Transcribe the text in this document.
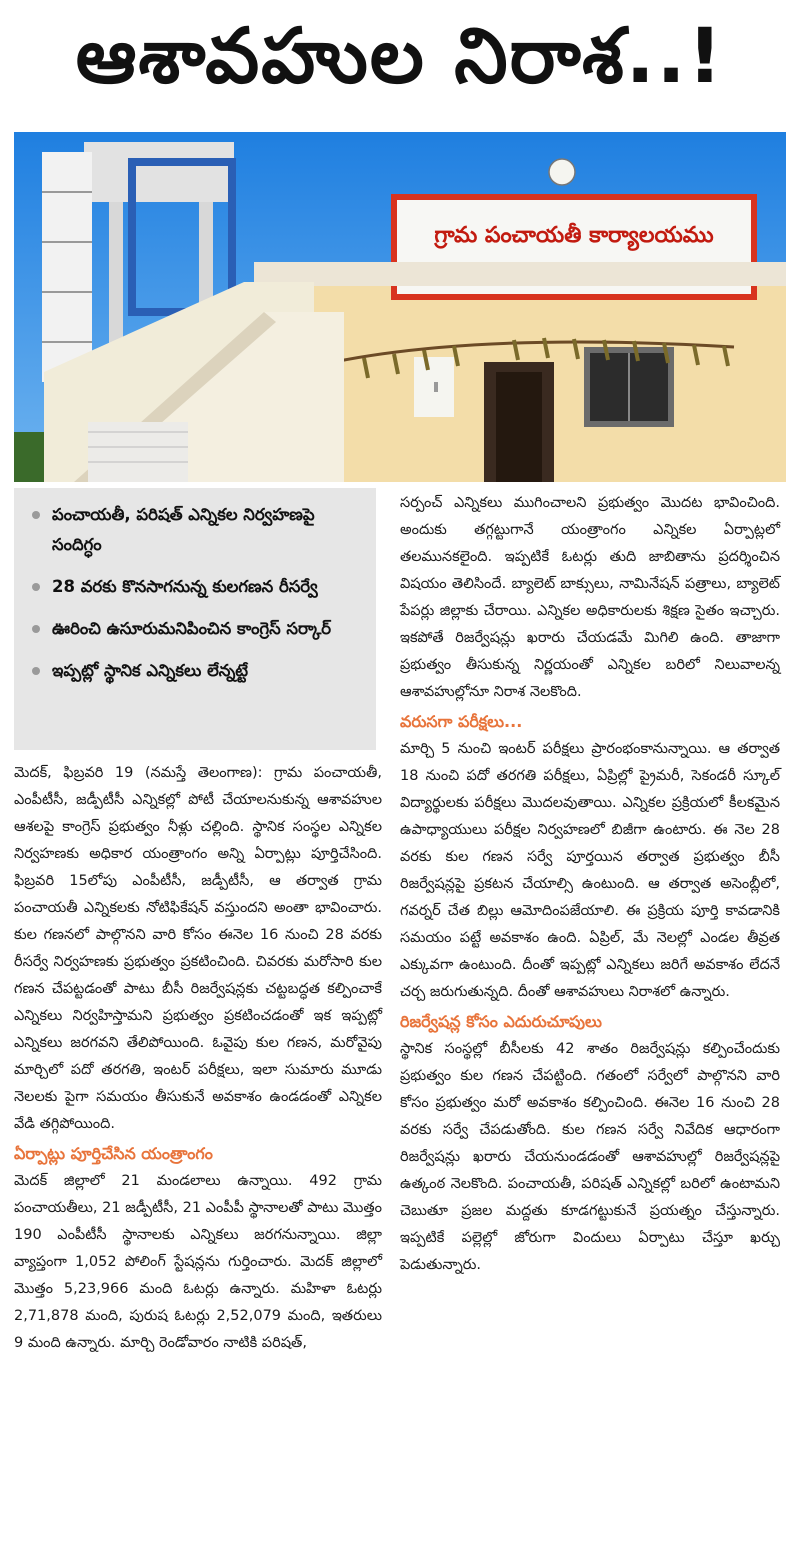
ఆశావహుల నిరాశ..!
గ్రామ పంచాయతీ కార్యాలయము
పంచాయతీ, పరిషత్ ఎన్నికల నిర్వహణపై సందిగ్ధం
28 వరకు కొనసాగనున్న కులగణన రీసర్వే
ఊరించి ఉసూరుమనిపించిన కాంగ్రెస్ సర్కార్
ఇప్పట్లో స్థానిక ఎన్నికలు లేన్నట్టే

మెదక్, ఫిబ్రవరి 19 (నమస్తే తెలంగాణ): గ్రామ పంచాయతీ, ఎంపీటీసీ, జడ్పీటీసీ ఎన్నికల్లో పోటీ చేయాలనుకున్న ఆశావహుల ఆశలపై కాంగ్రెస్ ప్రభుత్వం నీళ్లు చల్లింది. స్థానిక సంస్థల ఎన్నికల నిర్వహణకు అధికార యంత్రాంగం అన్ని ఏర్పాట్లు పూర్తిచేసింది. ఫిబ్రవరి 15లోపు ఎంపీటీసీ, జడ్పీటీసీ, ఆ తర్వాత గ్రామ పంచాయతీ ఎన్నికలకు నోటిఫికేషన్ వస్తుందని అంతా భావించారు. కుల గణనలో పాల్గొనని వారి కోసం ఈనెల 16 నుంచి 28 వరకు రీసర్వే నిర్వహణకు ప్రభుత్వం ప్రకటించింది. చివరకు మరోసారి కుల గణన చేపట్టడంతో పాటు బీసీ రిజర్వేషన్లకు చట్టబద్ధత కల్పించాకే ఎన్నికలు నిర్వహిస్తామని ప్రభుత్వం ప్రకటించడంతో ఇక ఇప్పట్లో ఎన్నికలు జరగవని తేలిపోయింది. ఓవైపు కుల గణన, మరోవైపు మార్చిలో పదో తరగతి, ఇంటర్ పరీక్షలు, ఇలా సుమారు మూడు నెలలకు పైగా సమయం తీసుకునే అవకాశం ఉండడంతో ఎన్నికల వేడి తగ్గిపోయింది.

ఏర్పాట్లు పూర్తిచేసిన యంత్రాంగం

మెదక్ జిల్లాలో 21 మండలాలు ఉన్నాయి. 492 గ్రామ పంచాయతీలు, 21 జడ్పీటీసీ, 21 ఎంపీపీ స్థానాలతో పాటు మొత్తం 190 ఎంపీటీసీ స్థానాలకు ఎన్నికలు జరగనున్నాయి. జిల్లా వ్యాప్తంగా 1,052 పోలింగ్ స్టేషన్లను గుర్తించారు. మెదక్ జిల్లాలో మొత్తం 5,23,966 మంది ఓటర్లు ఉన్నారు. మహిళా ఓటర్లు 2,71,878 మంది, పురుష ఓటర్లు 2,52,079 మంది, ఇతరులు 9 మంది ఉన్నారు. మార్చి రెండోవారం నాటికి పరిషత్,

సర్పంచ్ ఎన్నికలు ముగించాలని ప్రభుత్వం మొదట భావించింది. అందుకు తగ్గట్టుగానే యంత్రాంగం ఎన్నికల ఏర్పాట్లలో తలమునకలైంది. ఇప్పటికే ఓటర్లు తుది జాబితాను ప్రదర్శించిన విషయం తెలిసిందే. బ్యాలెట్ బాక్సులు, నామినేషన్ పత్రాలు, బ్యాలెట్ పేపర్లు జిల్లాకు చేరాయి. ఎన్నికల అధికారులకు శిక్షణ సైతం ఇచ్చారు. ఇకపోతే రిజర్వేషన్లు ఖరారు చేయడమే మిగిలి ఉంది. తాజాగా ప్రభుత్వం తీసుకున్న నిర్ణయంతో ఎన్నికల బరిలో నిలువాలన్న ఆశావహుల్లోనూ నిరాశ నెలకొంది.

వరుసగా పరీక్షలు...

మార్చి 5 నుంచి ఇంటర్ పరీక్షలు ప్రారంభంకానున్నాయి. ఆ తర్వాత 18 నుంచి పదో తరగతి పరీక్షలు, ఏప్రిల్లో ప్రైమరీ, సెకండరీ స్కూల్ విద్యార్థులకు పరీక్షలు మొదలవుతాయి. ఎన్నికల ప్రక్రియలో కీలకమైన ఉపాధ్యాయులు పరీక్షల నిర్వహణలో బిజీగా ఉంటారు. ఈ నెల 28 వరకు కుల గణన సర్వే పూర్తయిన తర్వాత ప్రభుత్వం బీసీ రిజర్వేషన్లపై ప్రకటన చేయాల్సి ఉంటుంది. ఆ తర్వాత అసెంబ్లీలో, గవర్నర్ చేత బిల్లు ఆమోదింపజేయాలి. ఈ ప్రక్రియ పూర్తి కావడానికి సమయం పట్టే అవకాశం ఉంది. ఏప్రిల్, మే నెలల్లో ఎండల తీవ్రత ఎక్కువగా ఉంటుంది. దీంతో ఇప్పట్లో ఎన్నికలు జరిగే అవకాశం లేదనే చర్చ జరుగుతున్నది. దీంతో ఆశావహులు నిరాశలో ఉన్నారు.

రిజర్వేషన్ల కోసం ఎదురుచూపులు

స్థానిక సంస్థల్లో బీసీలకు 42 శాతం రిజర్వేషన్లు కల్పించేందుకు ప్రభుత్వం కుల గణన చేపట్టింది. గతంలో సర్వేలో పాల్గొనని వారి కోసం ప్రభుత్వం మరో అవకాశం కల్పించింది. ఈనెల 16 నుంచి 28 వరకు సర్వే చేపడుతోంది. కుల గణన సర్వే నివేదిక ఆధారంగా రిజర్వేషన్లు ఖరారు చేయనుండడంతో ఆశావహుల్లో రిజర్వేషన్లపై ఉత్కంఠ నెలకొంది. పంచాయతీ, పరిషత్ ఎన్నికల్లో బరిలో ఉంటామని చెబుతూ ప్రజల మద్దతు కూడగట్టుకునే ప్రయత్నం చేస్తున్నారు. ఇప్పటికే పల్లెల్లో జోరుగా విందులు ఏర్పాటు చేస్తూ ఖర్చు పెడుతున్నారు.
